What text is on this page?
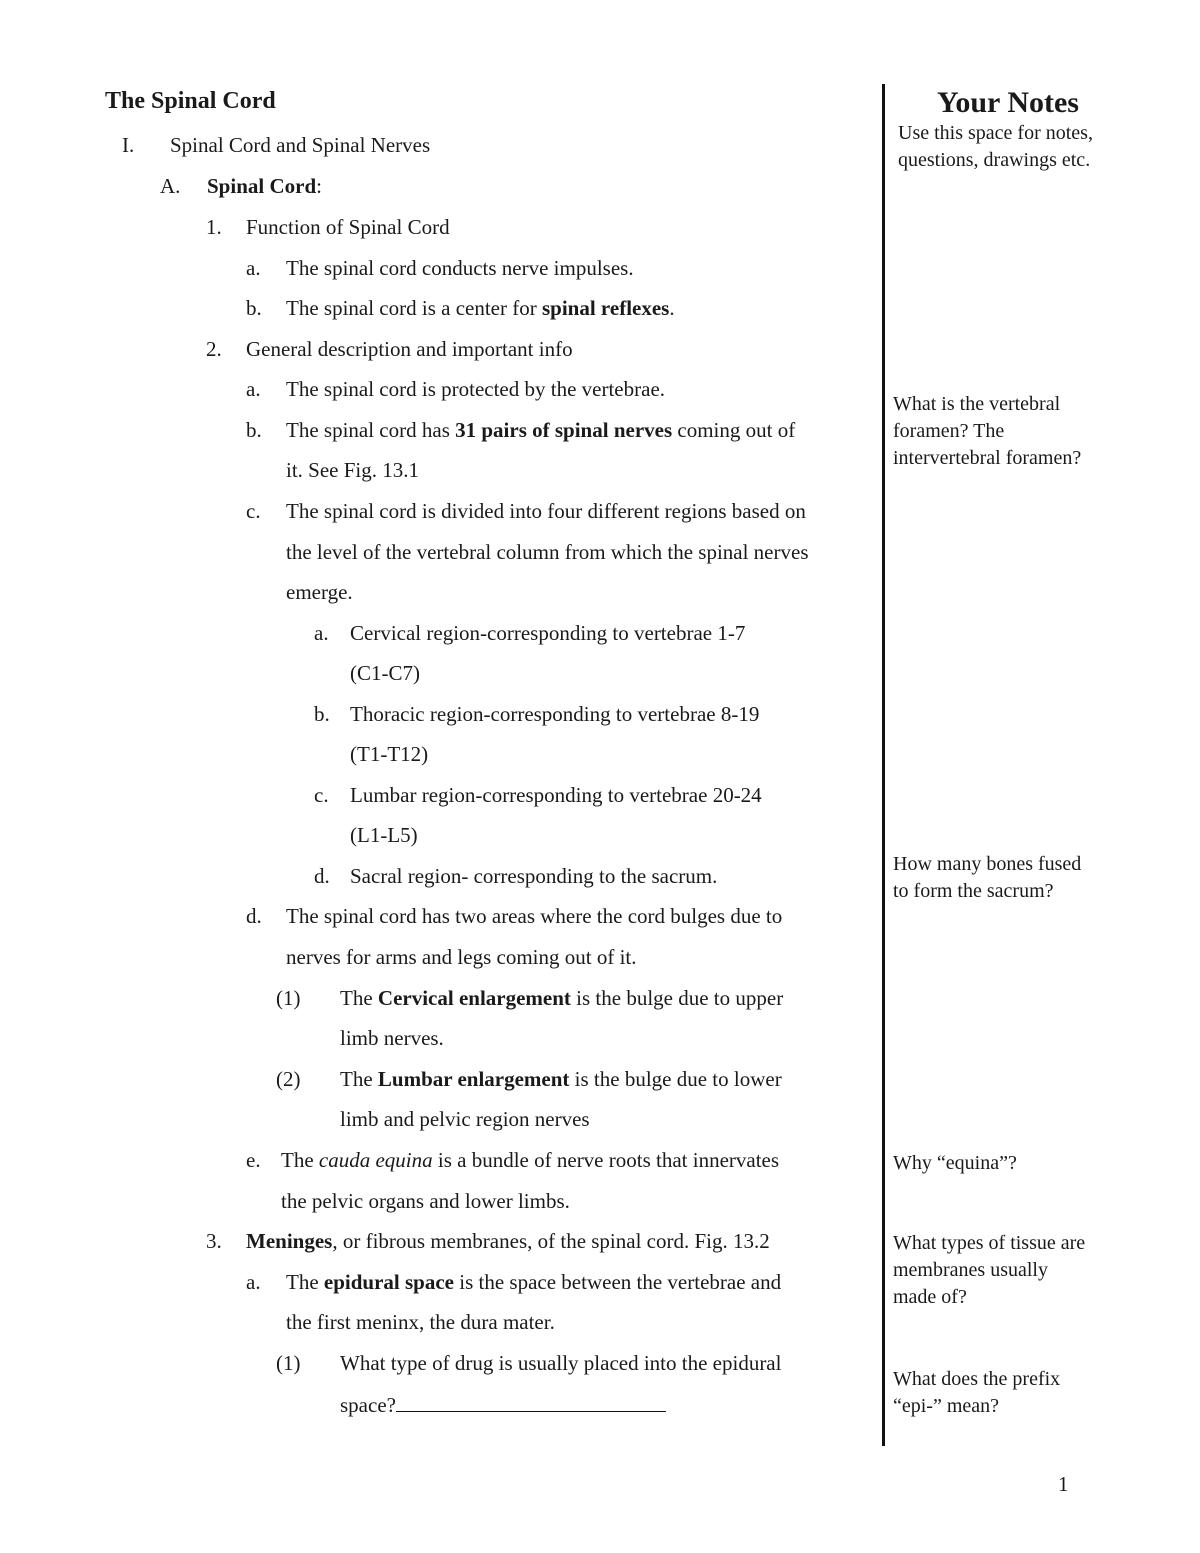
The Spinal Cord
I. Spinal Cord and Spinal Nerves
A. Spinal Cord:
1. Function of Spinal Cord
a. The spinal cord conducts nerve impulses.
b. The spinal cord is a center for spinal reflexes.
2. General description and important info
a. The spinal cord is protected by the vertebrae.
b. The spinal cord has 31 pairs of spinal nerves coming out of
it. See Fig. 13.1
c. The spinal cord is divided into four different regions based on
the level of the vertebral column from which the spinal nerves
emerge.
a. Cervical region-corresponding to vertebrae 1-7
(C1-C7)
b. Thoracic region-corresponding to vertebrae 8-19
(T1-T12)
c. Lumbar region-corresponding to vertebrae 20-24
(L1-L5)
d. Sacral region- corresponding to the sacrum.
d. The spinal cord has two areas where the cord bulges due to
nerves for arms and legs coming out of it.
(1) The Cervical enlargement is the bulge due to upper
limb nerves.
(2) The Lumbar enlargement is the bulge due to lower
limb and pelvic region nerves
e. The cauda equina is a bundle of nerve roots that innervates
the pelvic organs and lower limbs.
3. Meninges, or fibrous membranes, of the spinal cord. Fig. 13.2
a. The epidural space is the space between the vertebrae and
the first meninx, the dura mater.
(1) What type of drug is usually placed into the epidural
space?
Your Notes
Use this space for notes,
questions, drawings etc.
What is the vertebral
foramen? The
intervertebral foramen?
How many bones fused
to form the sacrum?
Why “equina”?
What types of tissue are
membranes usually
made of?
What does the prefix
“epi-” mean?
1
